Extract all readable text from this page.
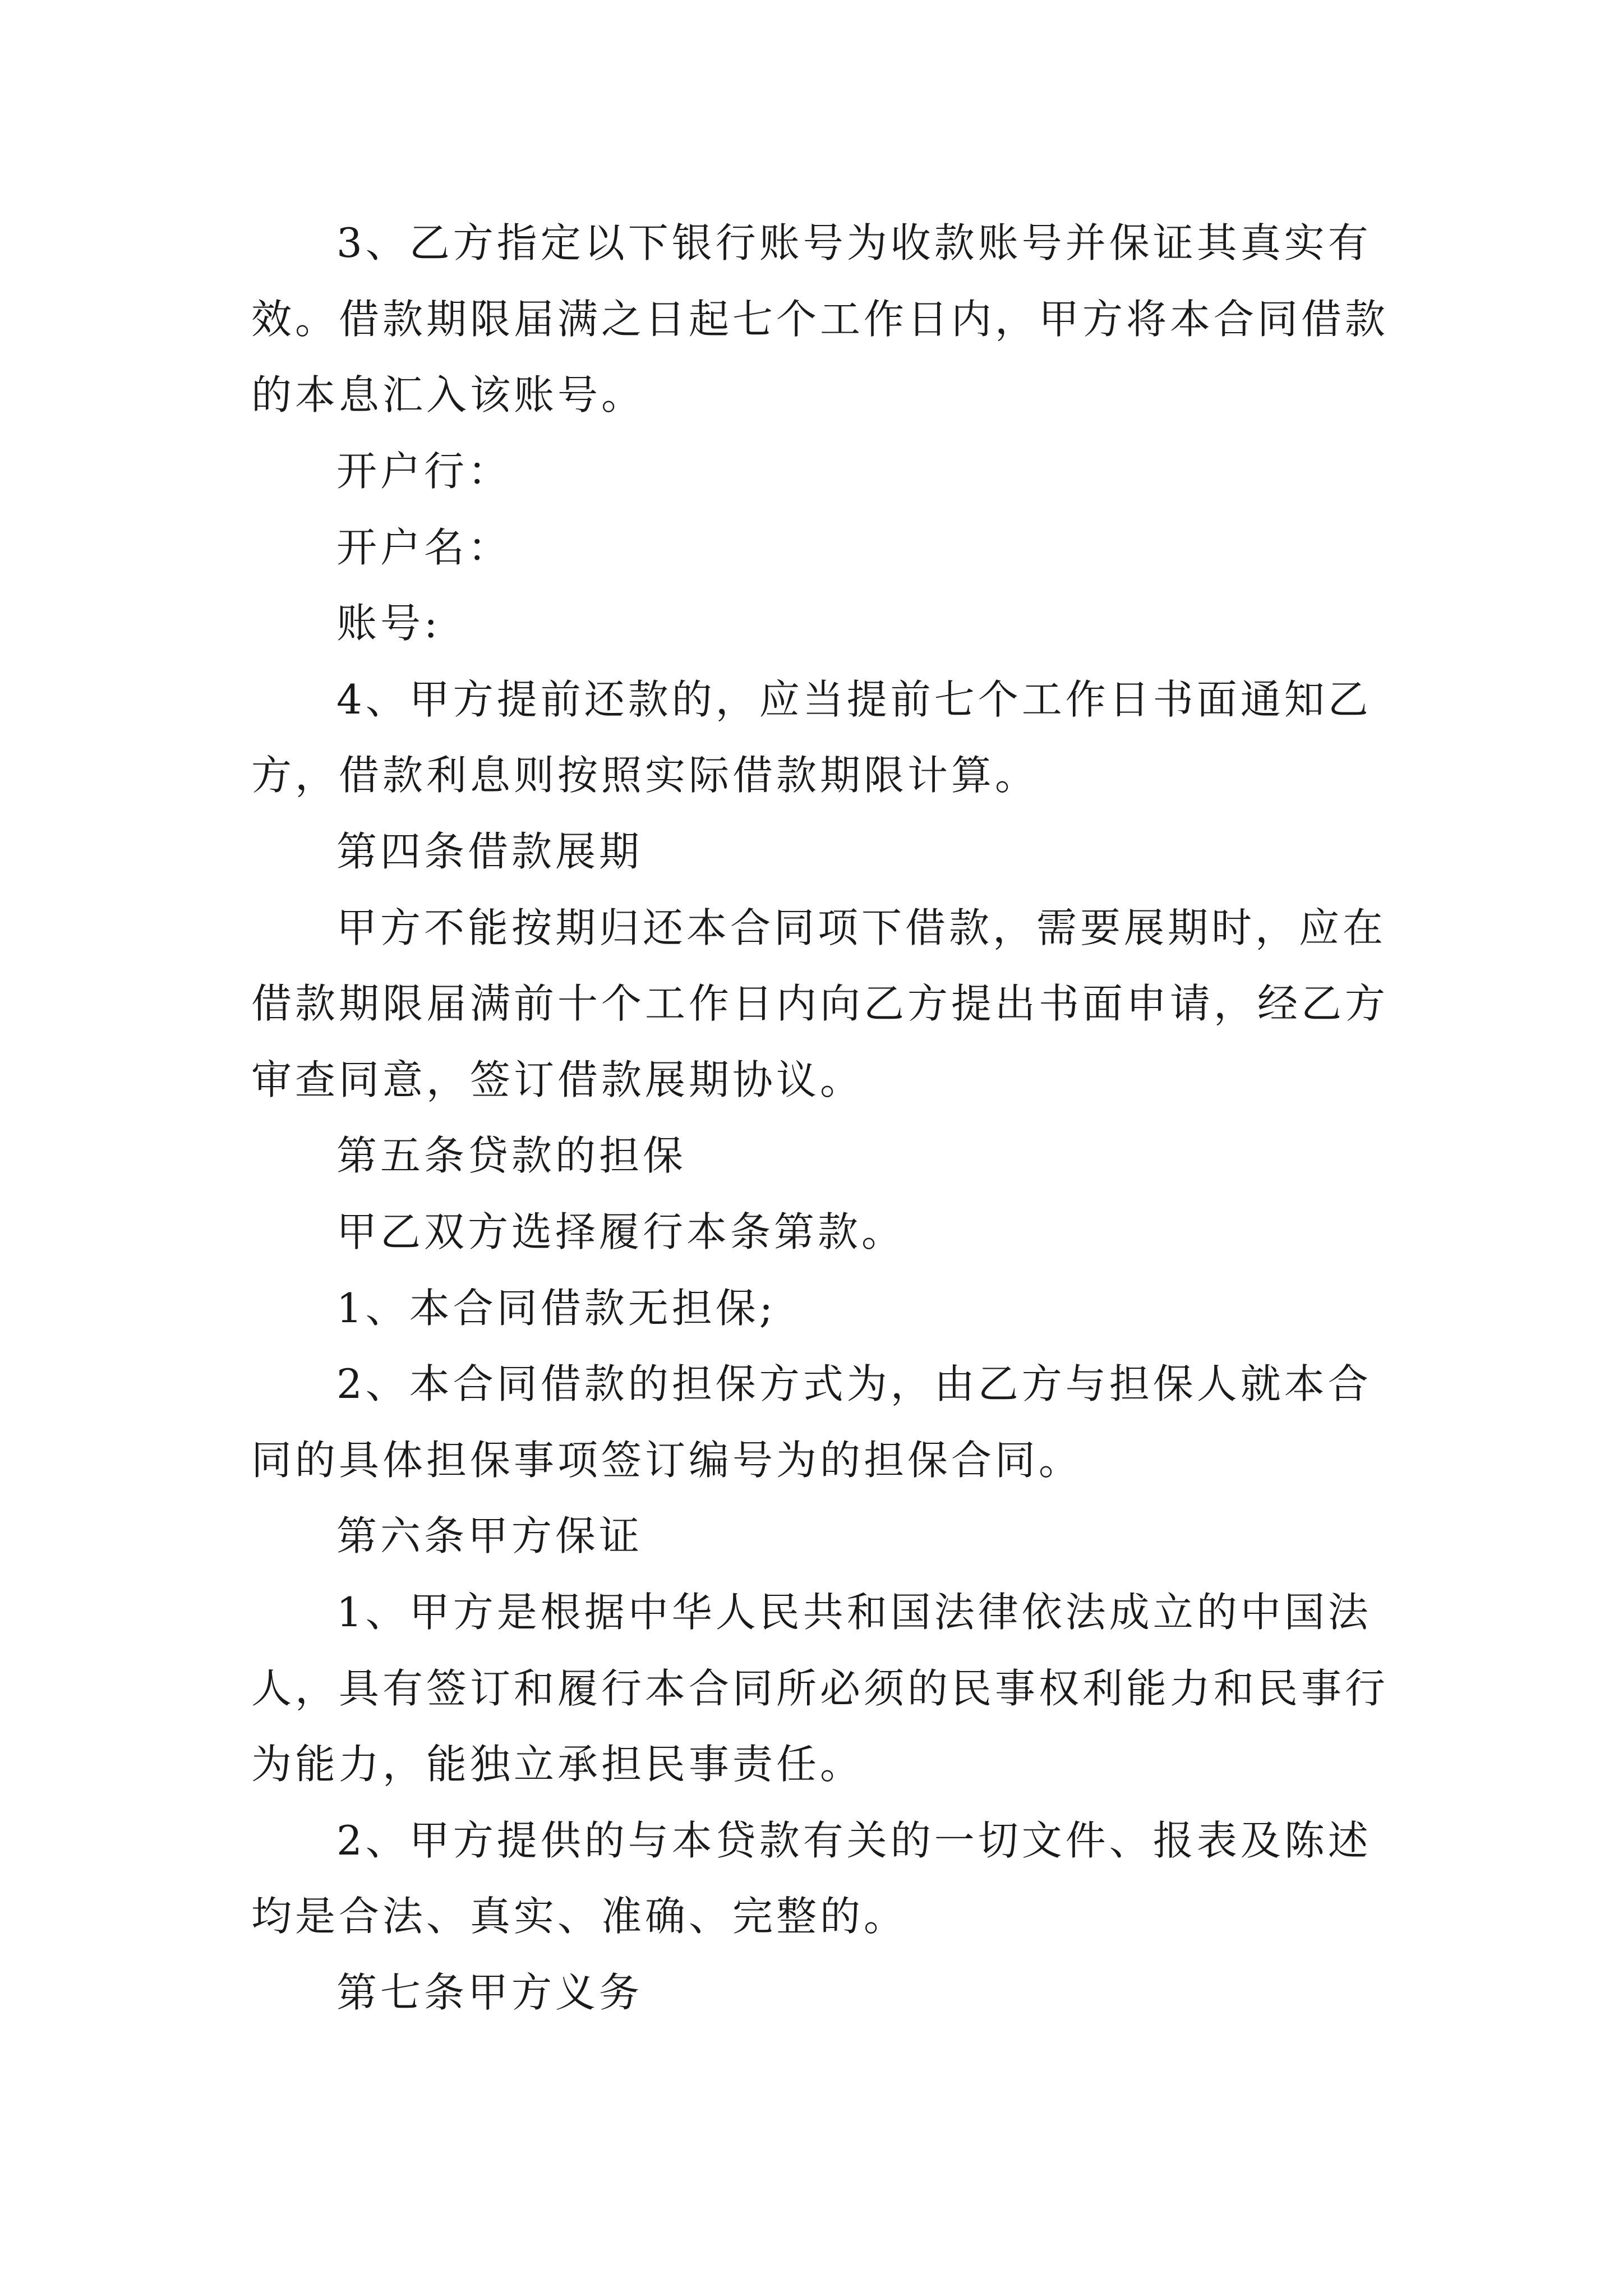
3、乙方指定以下银行账号为收款账号并保证其真实有
效。借款期限届满之日起七个工作日内，甲方将本合同借款
的本息汇入该账号。
开户行：
开户名：
账号:
4、甲方提前还款的，应当提前七个工作日书面通知乙
方，借款利息则按照实际借款期限计算。
第四条借款展期
甲方不能按期归还本合同项下借款，需要展期时，应在
借款期限届满前十个工作日内向乙方提出书面申请，经乙方
审查同意，签订借款展期协议。
第五条贷款的担保
甲乙双方选择履行本条第款。
1、本合同借款无担保;
2、本合同借款的担保方式为，由乙方与担保人就本合
同的具体担保事项签订编号为的担保合同。
第六条甲方保证
1、甲方是根据中华人民共和国法律依法成立的中国法
人，具有签订和履行本合同所必须的民事权利能力和民事行
为能力，能独立承担民事责任。
2、甲方提供的与本贷款有关的一切文件、报表及陈述
均是合法、真实、准确、完整的。
第七条甲方义务
